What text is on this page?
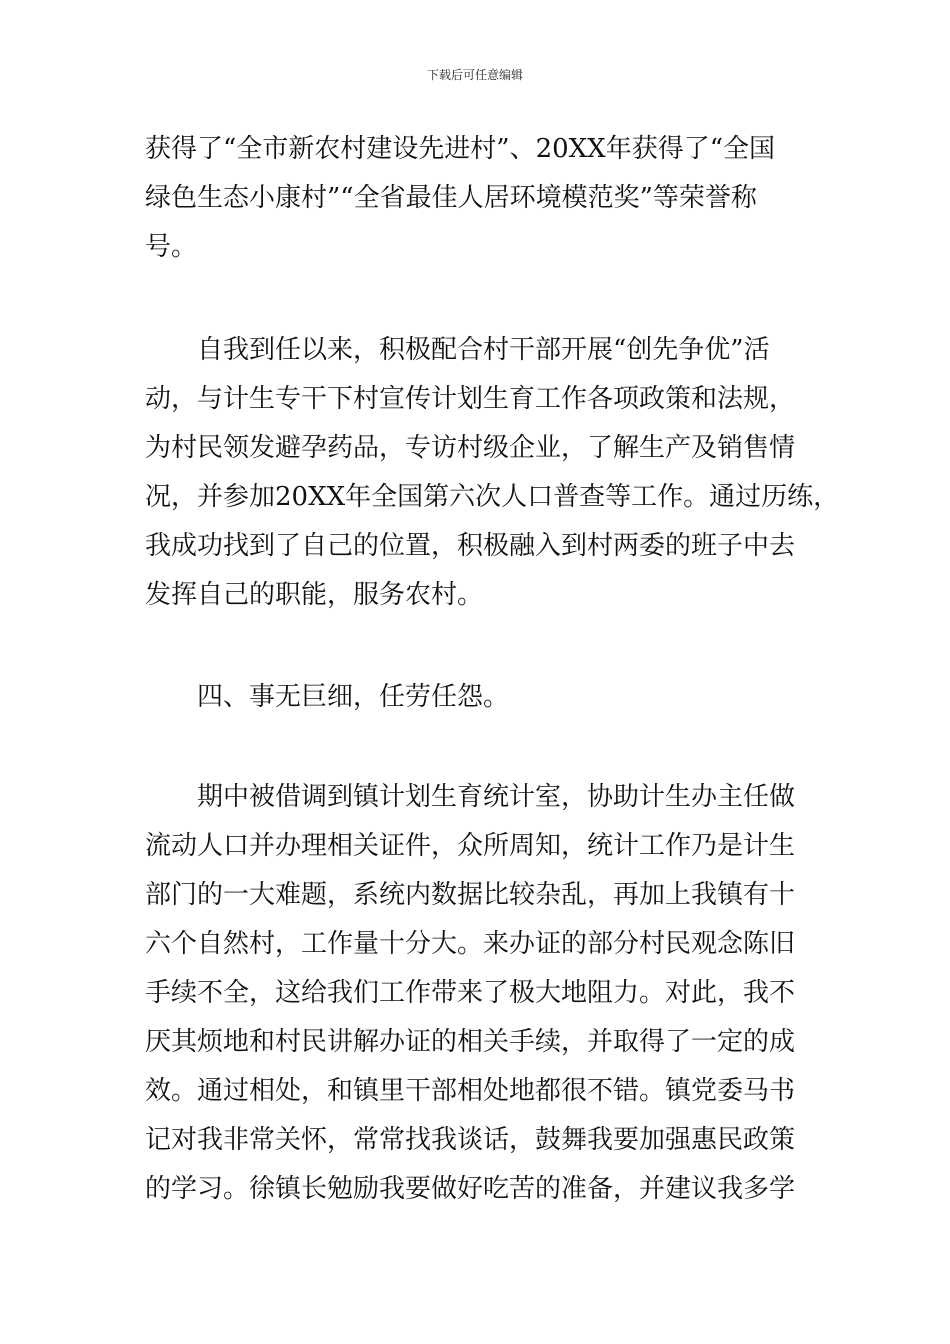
下载后可任意编辑
获得了“全市新农村建设先进村”、20XX年获得了“全国
绿色生态小康村”“全省最佳人居环境模范奖”等荣誉称
号。
自我到任以来，积极配合村干部开展“创先争优”活
动，与计生专干下村宣传计划生育工作各项政策和法规，
为村民领发避孕药品，专访村级企业，了解生产及销售情
况，并参加20XX年全国第六次人口普查等工作。通过历练，
我成功找到了自己的位置，积极融入到村两委的班子中去
发挥自己的职能，服务农村。
四、事无巨细，任劳任怨。
期中被借调到镇计划生育统计室，协助计生办主任做
流动人口并办理相关证件，众所周知，统计工作乃是计生
部门的一大难题，系统内数据比较杂乱，再加上我镇有十
六个自然村，工作量十分大。来办证的部分村民观念陈旧
手续不全，这给我们工作带来了极大地阻力。对此，我不
厌其烦地和村民讲解办证的相关手续，并取得了一定的成
效。通过相处，和镇里干部相处地都很不错。镇党委马书
记对我非常关怀，常常找我谈话，鼓舞我要加强惠民政策
的学习。徐镇长勉励我要做好吃苦的准备，并建议我多学
